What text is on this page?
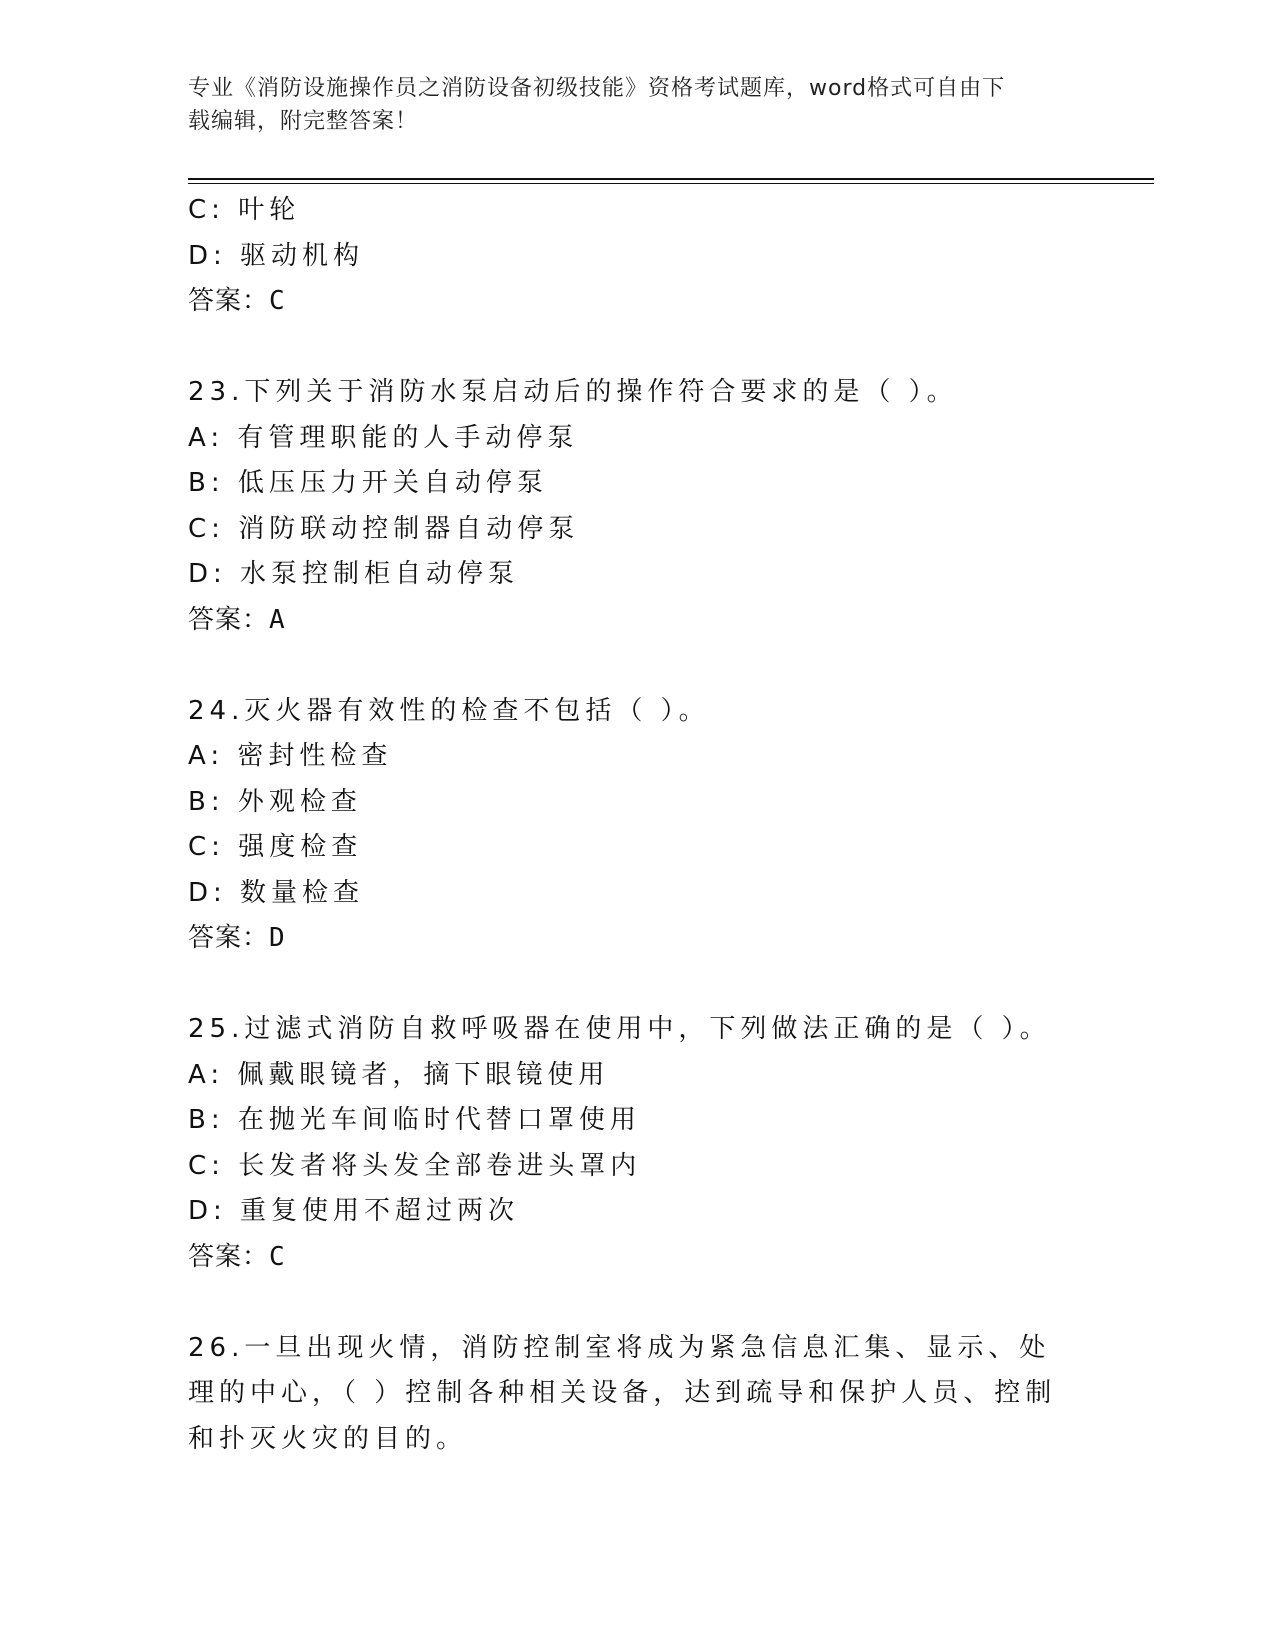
专业《消防设施操作员之消防设备初级技能》资格考试题库，word格式可自由下
载编辑，附完整答案！
C: 叶轮
D: 驱动机构
答案：C
23.下列关于消防水泵启动后的操作符合要求的是（ ）。
A: 有管理职能的人手动停泵
B: 低压压力开关自动停泵
C: 消防联动控制器自动停泵
D: 水泵控制柜自动停泵
答案：A
24.灭火器有效性的检查不包括（ ）。
A: 密封性检查
B: 外观检查
C: 强度检查
D: 数量检查
答案：D
25.过滤式消防自救呼吸器在使用中，下列做法正确的是（ ）。
A: 佩戴眼镜者，摘下眼镜使用
B: 在抛光车间临时代替口罩使用
C: 长发者将头发全部卷进头罩内
D: 重复使用不超过两次
答案：C
26.一旦出现火情，消防控制室将成为紧急信息汇集、显示、处理的中心，（ ）控制各种相关设备，达到疏导和保护人员、控制和扑灭火灾的目的。
